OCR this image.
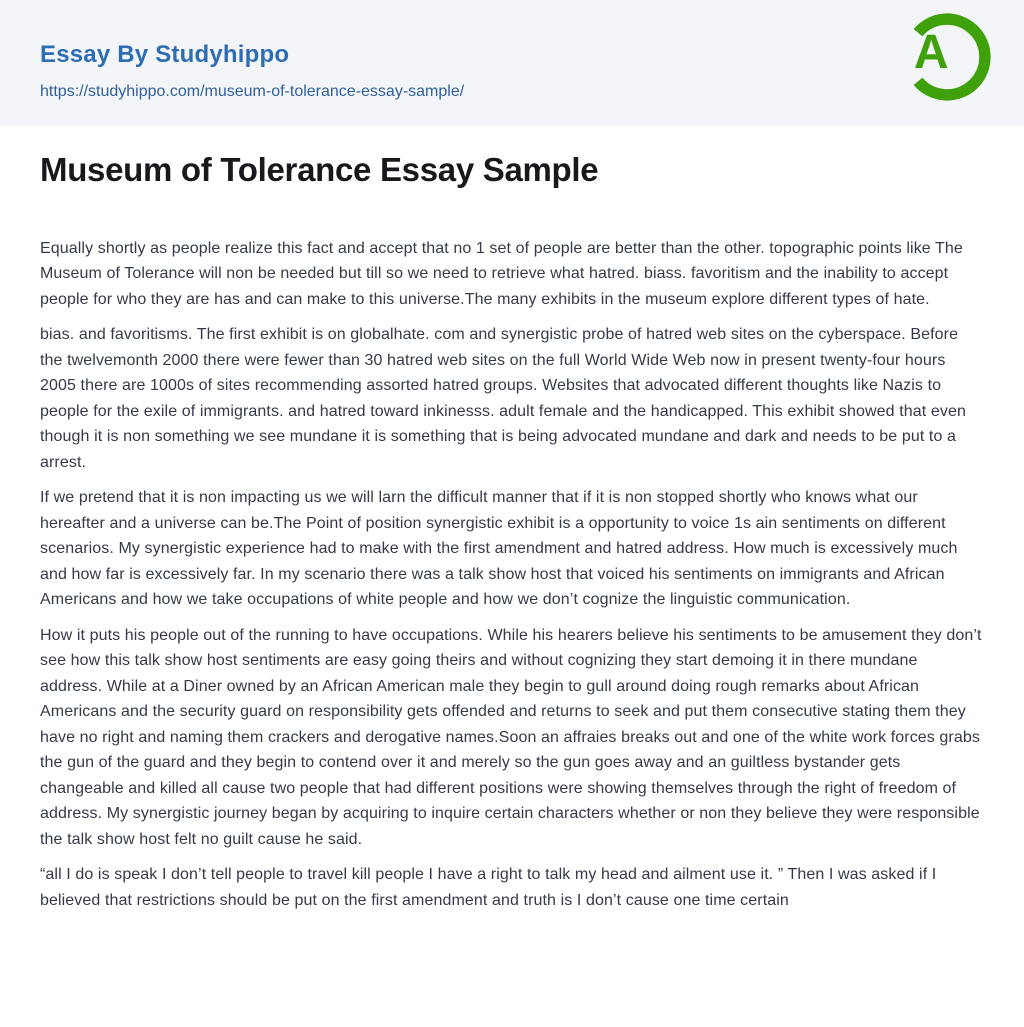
Essay By Studyhippo
https://studyhippo.com/museum-of-tolerance-essay-sample/
A
Museum of Tolerance Essay Sample

Equally shortly as people realize this fact and accept that no 1 set of people are better than the other. topographic points like The Museum of Tolerance will non be needed but till so we need to retrieve what hatred. biass. favoritism and the inability to accept people for who they are has and can make to this universe.The many exhibits in the museum explore different types of hate.

bias. and favoritisms. The first exhibit is on globalhate. com and synergistic probe of hatred web sites on the cyberspace. Before the twelvemonth 2000 there were fewer than 30 hatred web sites on the full World Wide Web now in present twenty-four hours 2005 there are 1000s of sites recommending assorted hatred groups. Websites that advocated different thoughts like Nazis to people for the exile of immigrants. and hatred toward inkinesss. adult female and the handicapped. This exhibit showed that even though it is non something we see mundane it is something that is being advocated mundane and dark and needs to be put to a arrest.

If we pretend that it is non impacting us we will larn the difficult manner that if it is non stopped shortly who knows what our hereafter and a universe can be.The Point of position synergistic exhibit is a opportunity to voice 1s ain sentiments on different scenarios. My synergistic experience had to make with the first amendment and hatred address. How much is excessively much and how far is excessively far. In my scenario there was a talk show host that voiced his sentiments on immigrants and African Americans and how we take occupations of white people and how we don’t cognize the linguistic communication.

How it puts his people out of the running to have occupations. While his hearers believe his sentiments to be amusement they don’t see how this talk show host sentiments are easy going theirs and without cognizing they start demoing it in there mundane address. While at a Diner owned by an African American male they begin to gull around doing rough remarks about African Americans and the security guard on responsibility gets offended and returns to seek and put them consecutive stating them they have no right and naming them crackers and derogative names.Soon an affraies breaks out and one of the white work forces grabs the gun of the guard and they begin to contend over it and merely so the gun goes away and an guiltless bystander gets changeable and killed all cause two people that had different positions were showing themselves through the right of freedom of address. My synergistic journey began by acquiring to inquire certain characters whether or non they believe they were responsible the talk show host felt no guilt cause he said.

“all I do is speak I don’t tell people to travel kill people I have a right to talk my head and ailment use it. ” Then I was asked if I believed that restrictions should be put on the first amendment and truth is I don’t cause one time certain
